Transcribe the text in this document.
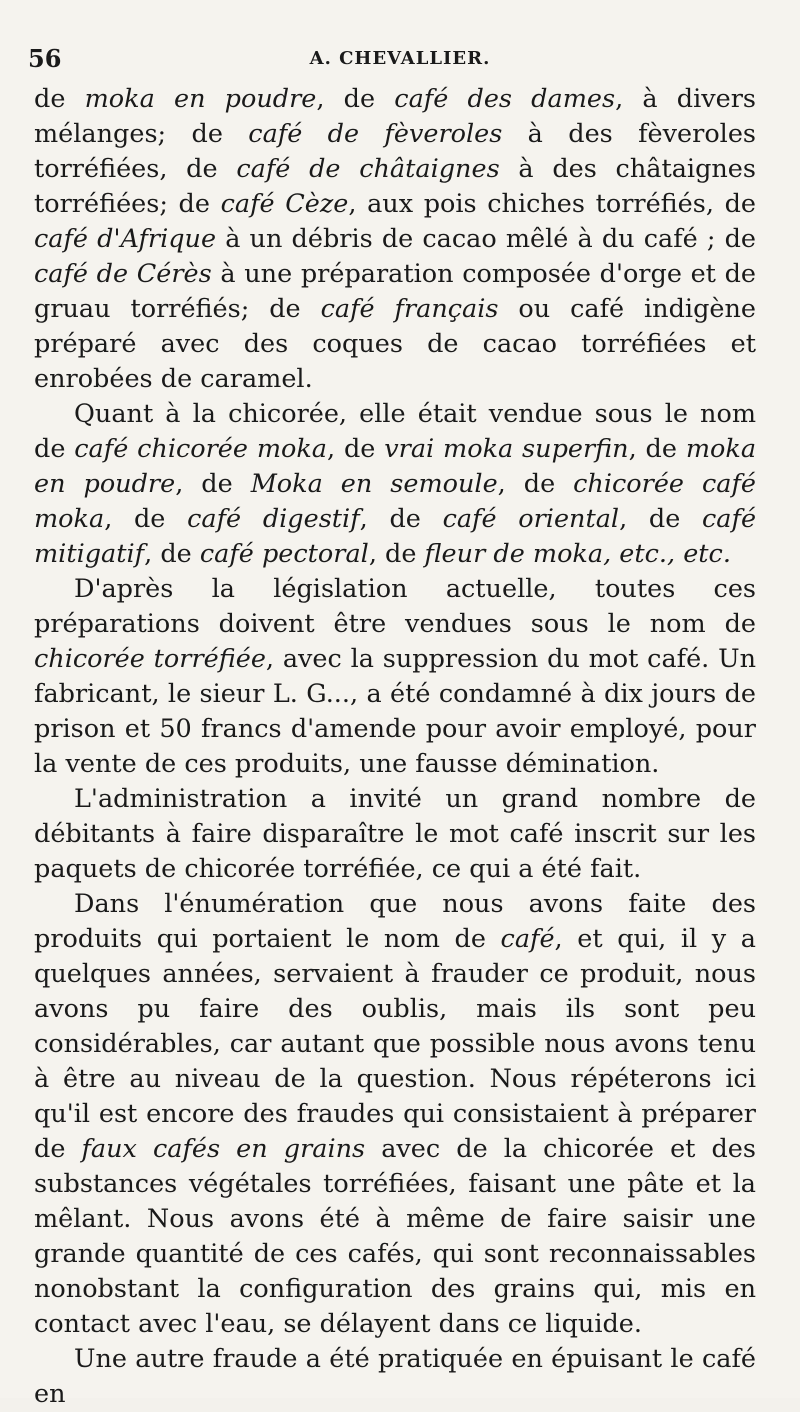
56	A. CHEVALLIER.

de moka en poudre, de café des dames, à divers mélanges; de café de fèveroles à des fèveroles torréfiées, de café de châtaignes à des châtaignes torréfiées; de café Cèze, aux pois chiches torréfiés, de café d'Afrique à un débris de cacao mêlé à du café ; de café de Cérès à une préparation composée d'orge et de gruau torréfiés; de café français ou café indigène préparé avec des coques de cacao torréfiées et enrobées de caramel.

Quant à la chicorée, elle était vendue sous le nom de café chicorée moka, de vrai moka superfin, de moka en poudre, de Moka en semoule, de chicorée café moka, de café digestif, de café oriental, de café mitigatif, de café pectoral, de fleur de moka, etc., etc.

D'après la législation actuelle, toutes ces préparations doivent être vendues sous le nom de chicorée torréfiée, avec la suppression du mot café. Un fabricant, le sieur L. G..., a été condamné à dix jours de prison et 50 francs d'amende pour avoir employé, pour la vente de ces produits, une fausse démination.

L'administration a invité un grand nombre de débitants à faire disparaître le mot café inscrit sur les paquets de chicorée torréfiée, ce qui a été fait.

Dans l'énumération que nous avons faite des produits qui portaient le nom de café, et qui, il y a quelques années, servaient à frauder ce produit, nous avons pu faire des oublis, mais ils sont peu considérables, car autant que possible nous avons tenu à être au niveau de la question. Nous répéterons ici qu'il est encore des fraudes qui consistaient à préparer de faux cafés en grains avec de la chicorée et des substances végétales torréfiées, faisant une pâte et la mêlant. Nous avons été à même de faire saisir une grande quantité de ces cafés, qui sont reconnaissables nonobstant la configuration des grains qui, mis en contact avec l'eau, se délayent dans ce liquide.

Une autre fraude a été pratiquée en épuisant le café en
